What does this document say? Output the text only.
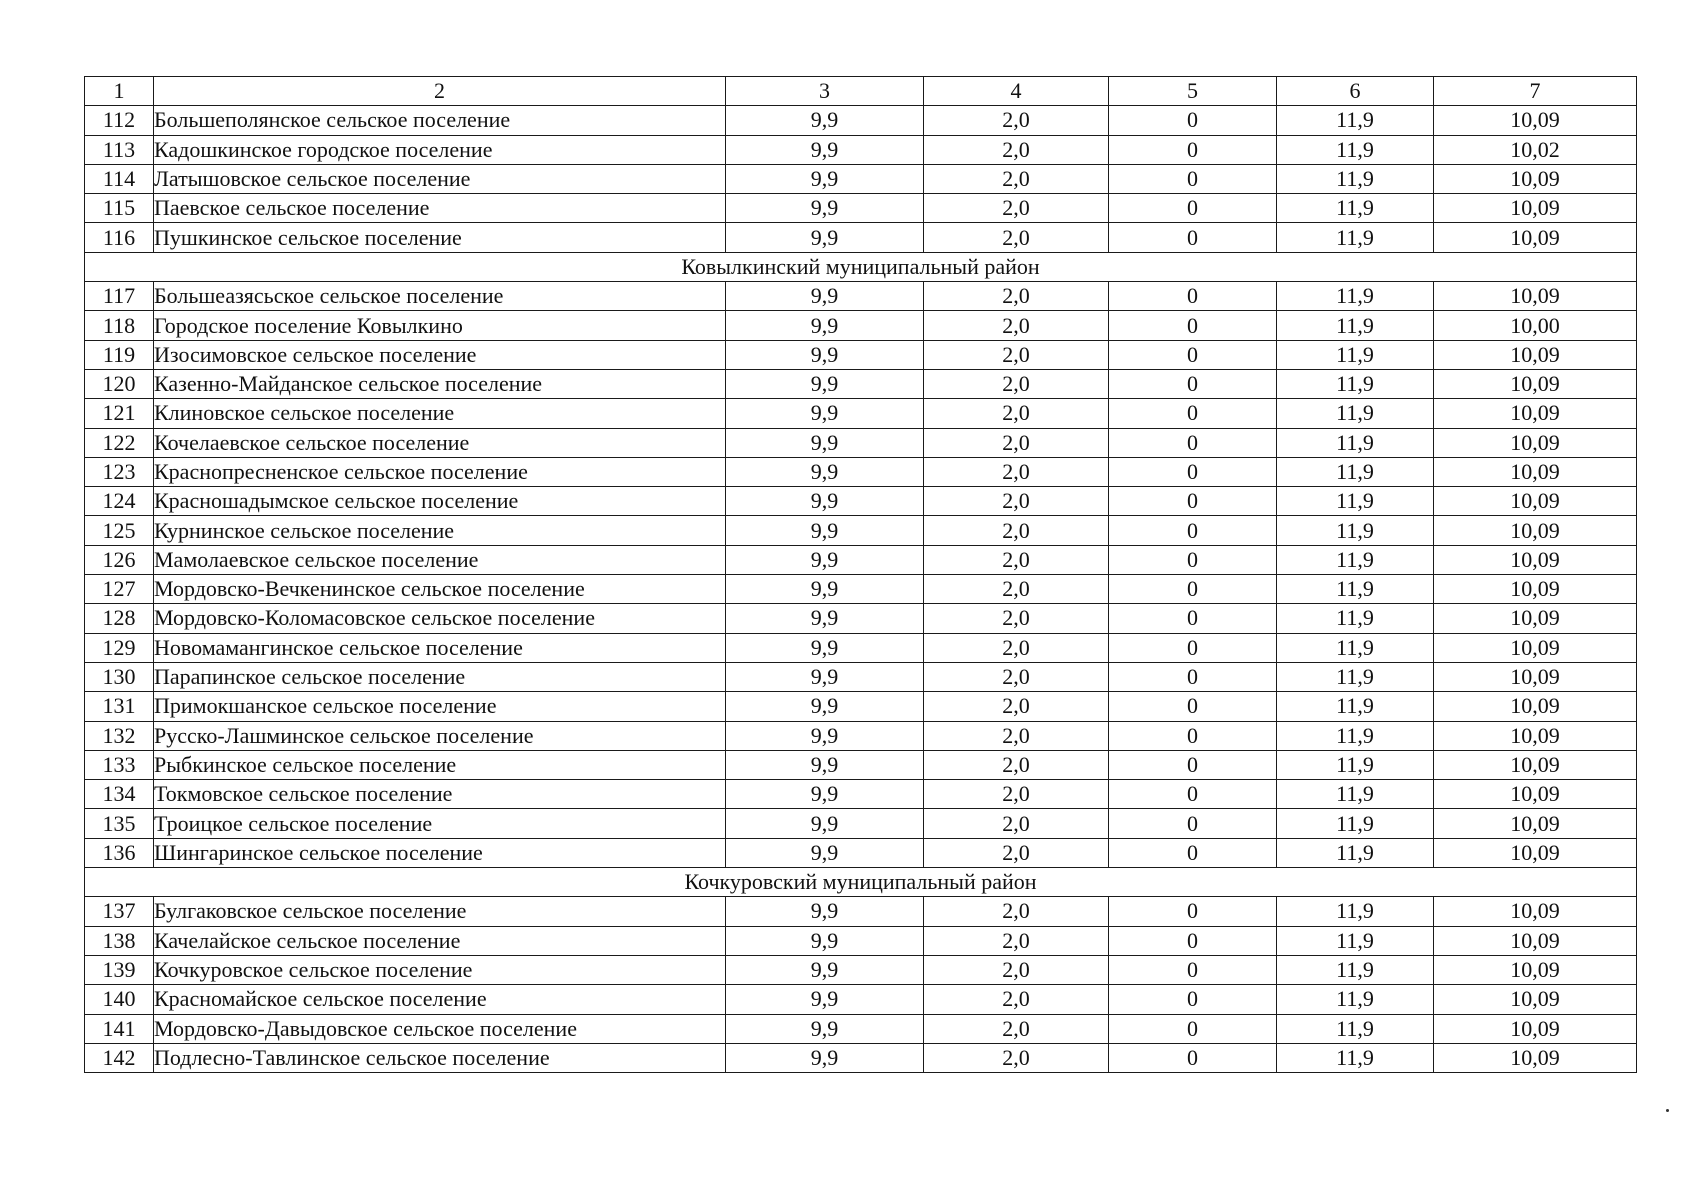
1	2	3	4	5	6	7
112	Большеполянское сельское поселение	9,9	2,0	0	11,9	10,09
113	Кадошкинское городское поселение	9,9	2,0	0	11,9	10,02
114	Латышовское сельское поселение	9,9	2,0	0	11,9	10,09
115	Паевское сельское поселение	9,9	2,0	0	11,9	10,09
116	Пушкинское сельское поселение	9,9	2,0	0	11,9	10,09
Ковылкинский муниципальный район						
117	Большеазясьское сельское поселение	9,9	2,0	0	11,9	10,09
118	Городское поселение Ковылкино	9,9	2,0	0	11,9	10,00
119	Изосимовское сельское поселение	9,9	2,0	0	11,9	10,09
120	Казенно-Майданское сельское поселение	9,9	2,0	0	11,9	10,09
121	Клиновское сельское поселение	9,9	2,0	0	11,9	10,09
122	Кочелаевское сельское поселение	9,9	2,0	0	11,9	10,09
123	Краснопресненское сельское поселение	9,9	2,0	0	11,9	10,09
124	Красношадымское сельское поселение	9,9	2,0	0	11,9	10,09
125	Курнинское сельское поселение	9,9	2,0	0	11,9	10,09
126	Мамолаевское сельское поселение	9,9	2,0	0	11,9	10,09
127	Мордовско-Вечкенинское сельское поселение	9,9	2,0	0	11,9	10,09
128	Мордовско-Коломасовское сельское поселение	9,9	2,0	0	11,9	10,09
129	Новомамангинское сельское поселение	9,9	2,0	0	11,9	10,09
130	Парапинское сельское поселение	9,9	2,0	0	11,9	10,09
131	Примокшанское сельское поселение	9,9	2,0	0	11,9	10,09
132	Русско-Лашминское сельское поселение	9,9	2,0	0	11,9	10,09
133	Рыбкинское сельское поселение	9,9	2,0	0	11,9	10,09
134	Токмовское сельское поселение	9,9	2,0	0	11,9	10,09
135	Троицкое сельское поселение	9,9	2,0	0	11,9	10,09
136	Шингаринское сельское поселение	9,9	2,0	0	11,9	10,09
Кочкуровский муниципальный район						
137	Булгаковское сельское поселение	9,9	2,0	0	11,9	10,09
138	Качелайское сельское поселение	9,9	2,0	0	11,9	10,09
139	Кочкуровское сельское поселение	9,9	2,0	0	11,9	10,09
140	Красномайское сельское поселение	9,9	2,0	0	11,9	10,09
141	Мордовско-Давыдовское сельское поселение	9,9	2,0	0	11,9	10,09
142	Подлесно-Тавлинское сельское поселение	9,9	2,0	0	11,9	10,09
